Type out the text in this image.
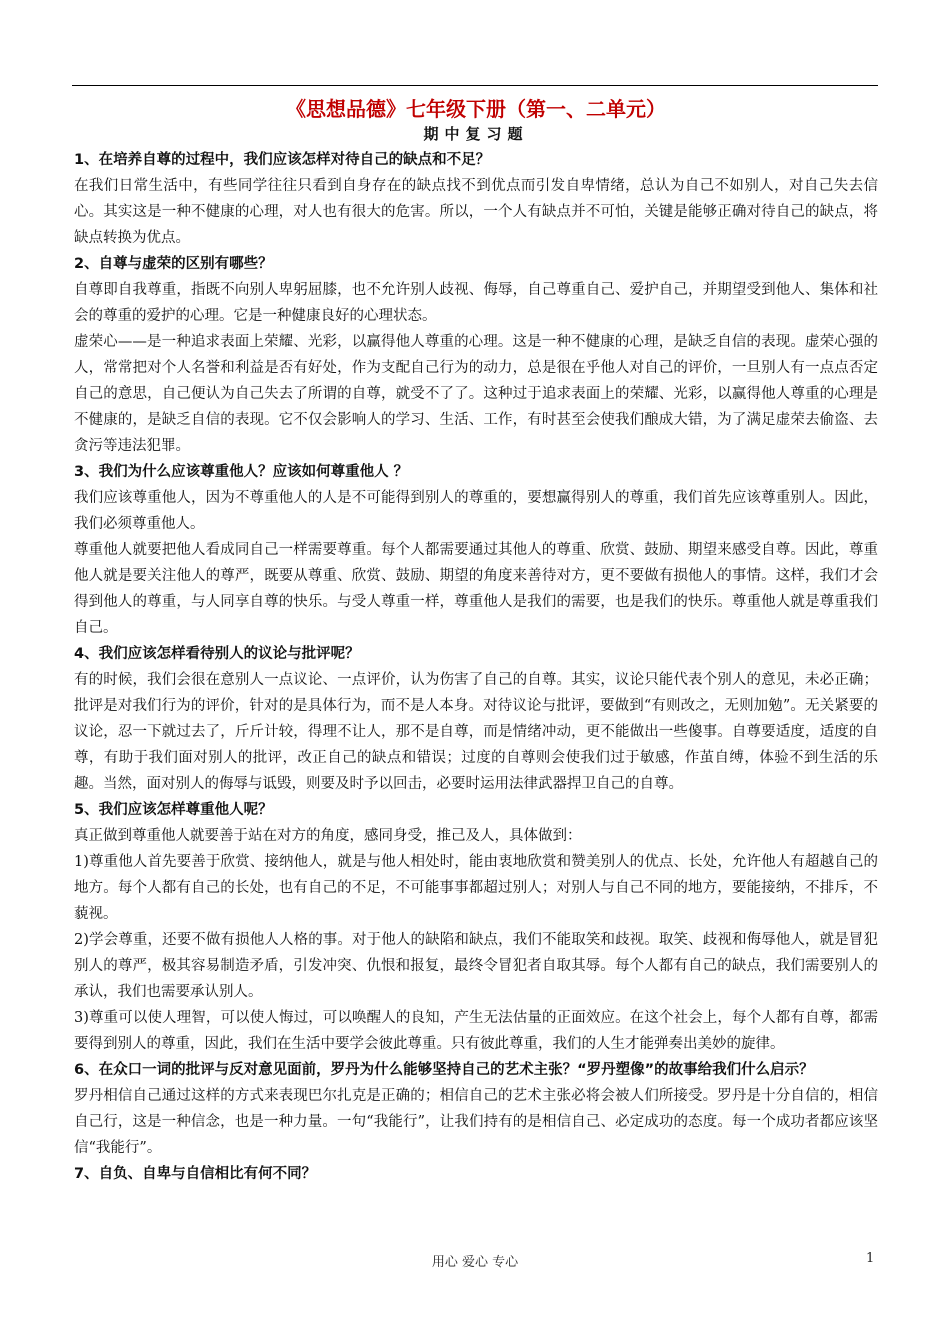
《思想品德》七年级下册（第一、二单元）
期中复习题

1、在培养自尊的过程中，我们应该怎样对待自己的缺点和不足？

在我们日常生活中，有些同学往往只看到自身存在的缺点找不到优点而引发自卑情绪，总认为自己不如别人，对自己失去信心。其实这是一种不健康的心理，对人也有很大的危害。所以，一个人有缺点并不可怕，关键是能够正确对待自己的缺点，将缺点转换为优点。

2、自尊与虚荣的区别有哪些？

自尊即自我尊重，指既不向别人卑躬屈膝，也不允许别人歧视、侮辱，自己尊重自己、爱护自己，并期望受到他人、集体和社会的尊重的爱护的心理。它是一种健康良好的心理状态。

虚荣心——是一种追求表面上荣耀、光彩，以赢得他人尊重的心理。这是一种不健康的心理，是缺乏自信的表现。虚荣心强的人，常常把对个人名誉和利益是否有好处，作为支配自己行为的动力，总是很在乎他人对自己的评价，一旦别人有一点点否定自己的意思，自己便认为自己失去了所谓的自尊，就受不了了。这种过于追求表面上的荣耀、光彩，以赢得他人尊重的心理是不健康的，是缺乏自信的表现。它不仅会影响人的学习、生活、工作，有时甚至会使我们酿成大错，为了满足虚荣去偷盗、去贪污等违法犯罪。

3、我们为什么应该尊重他人？应该如何尊重他人 ？

我们应该尊重他人，因为不尊重他人的人是不可能得到别人的尊重的，要想赢得别人的尊重，我们首先应该尊重别人。因此，我们必须尊重他人。

尊重他人就要把他人看成同自己一样需要尊重。每个人都需要通过其他人的尊重、欣赏、鼓励、期望来感受自尊。因此，尊重他人就是要关注他人的尊严，既要从尊重、欣赏、鼓励、期望的角度来善待对方，更不要做有损他人的事情。这样，我们才会得到他人的尊重，与人同享自尊的快乐。与受人尊重一样，尊重他人是我们的需要，也是我们的快乐。尊重他人就是尊重我们自己。

4、我们应该怎样看待别人的议论与批评呢？

有的时候，我们会很在意别人一点议论、一点评价，认为伤害了自己的自尊。其实，议论只能代表个别人的意见，未必正确；批评是对我们行为的评价，针对的是具体行为，而不是人本身。对待议论与批评，要做到“有则改之，无则加勉”。无关紧要的议论，忍一下就过去了，斤斤计较，得理不让人，那不是自尊，而是情绪冲动，更不能做出一些傻事。自尊要适度，适度的自尊，有助于我们面对别人的批评，改正自己的缺点和错误；过度的自尊则会使我们过于敏感，作茧自缚，体验不到生活的乐趣。当然，面对别人的侮辱与诋毁，则要及时予以回击，必要时运用法律武器捍卫自己的自尊。

5、我们应该怎样尊重他人呢？

真正做到尊重他人就要善于站在对方的角度，感同身受，推己及人，具体做到：

1)尊重他人首先要善于欣赏、接纳他人，就是与他人相处时，能由衷地欣赏和赞美别人的优点、长处，允许他人有超越自己的地方。每个人都有自己的长处，也有自己的不足，不可能事事都超过别人；对别人与自己不同的地方，要能接纳，不排斥，不藐视。

2)学会尊重，还要不做有损他人人格的事。对于他人的缺陷和缺点，我们不能取笑和歧视。取笑、歧视和侮辱他人，就是冒犯别人的尊严，极其容易制造矛盾，引发冲突、仇恨和报复，最终令冒犯者自取其辱。每个人都有自己的缺点，我们需要别人的承认，我们也需要承认别人。

3)尊重可以使人理智，可以使人悔过，可以唤醒人的良知，产生无法估量的正面效应。在这个社会上，每个人都有自尊，都需要得到别人的尊重，因此，我们在生活中要学会彼此尊重。只有彼此尊重，我们的人生才能弹奏出美妙的旋律。

6、在众口一词的批评与反对意见面前，罗丹为什么能够坚持自己的艺术主张？“罗丹塑像”的故事给我们什么启示？

罗丹相信自己通过这样的方式来表现巴尔扎克是正确的；相信自己的艺术主张必将会被人们所接受。罗丹是十分自信的，相信自己行，这是一种信念，也是一种力量。一句“我能行”，让我们持有的是相信自己、必定成功的态度。每一个成功者都应该坚信“我能行”。

7、自负、自卑与自信相比有何不同？

用心 爱心 专心	1
